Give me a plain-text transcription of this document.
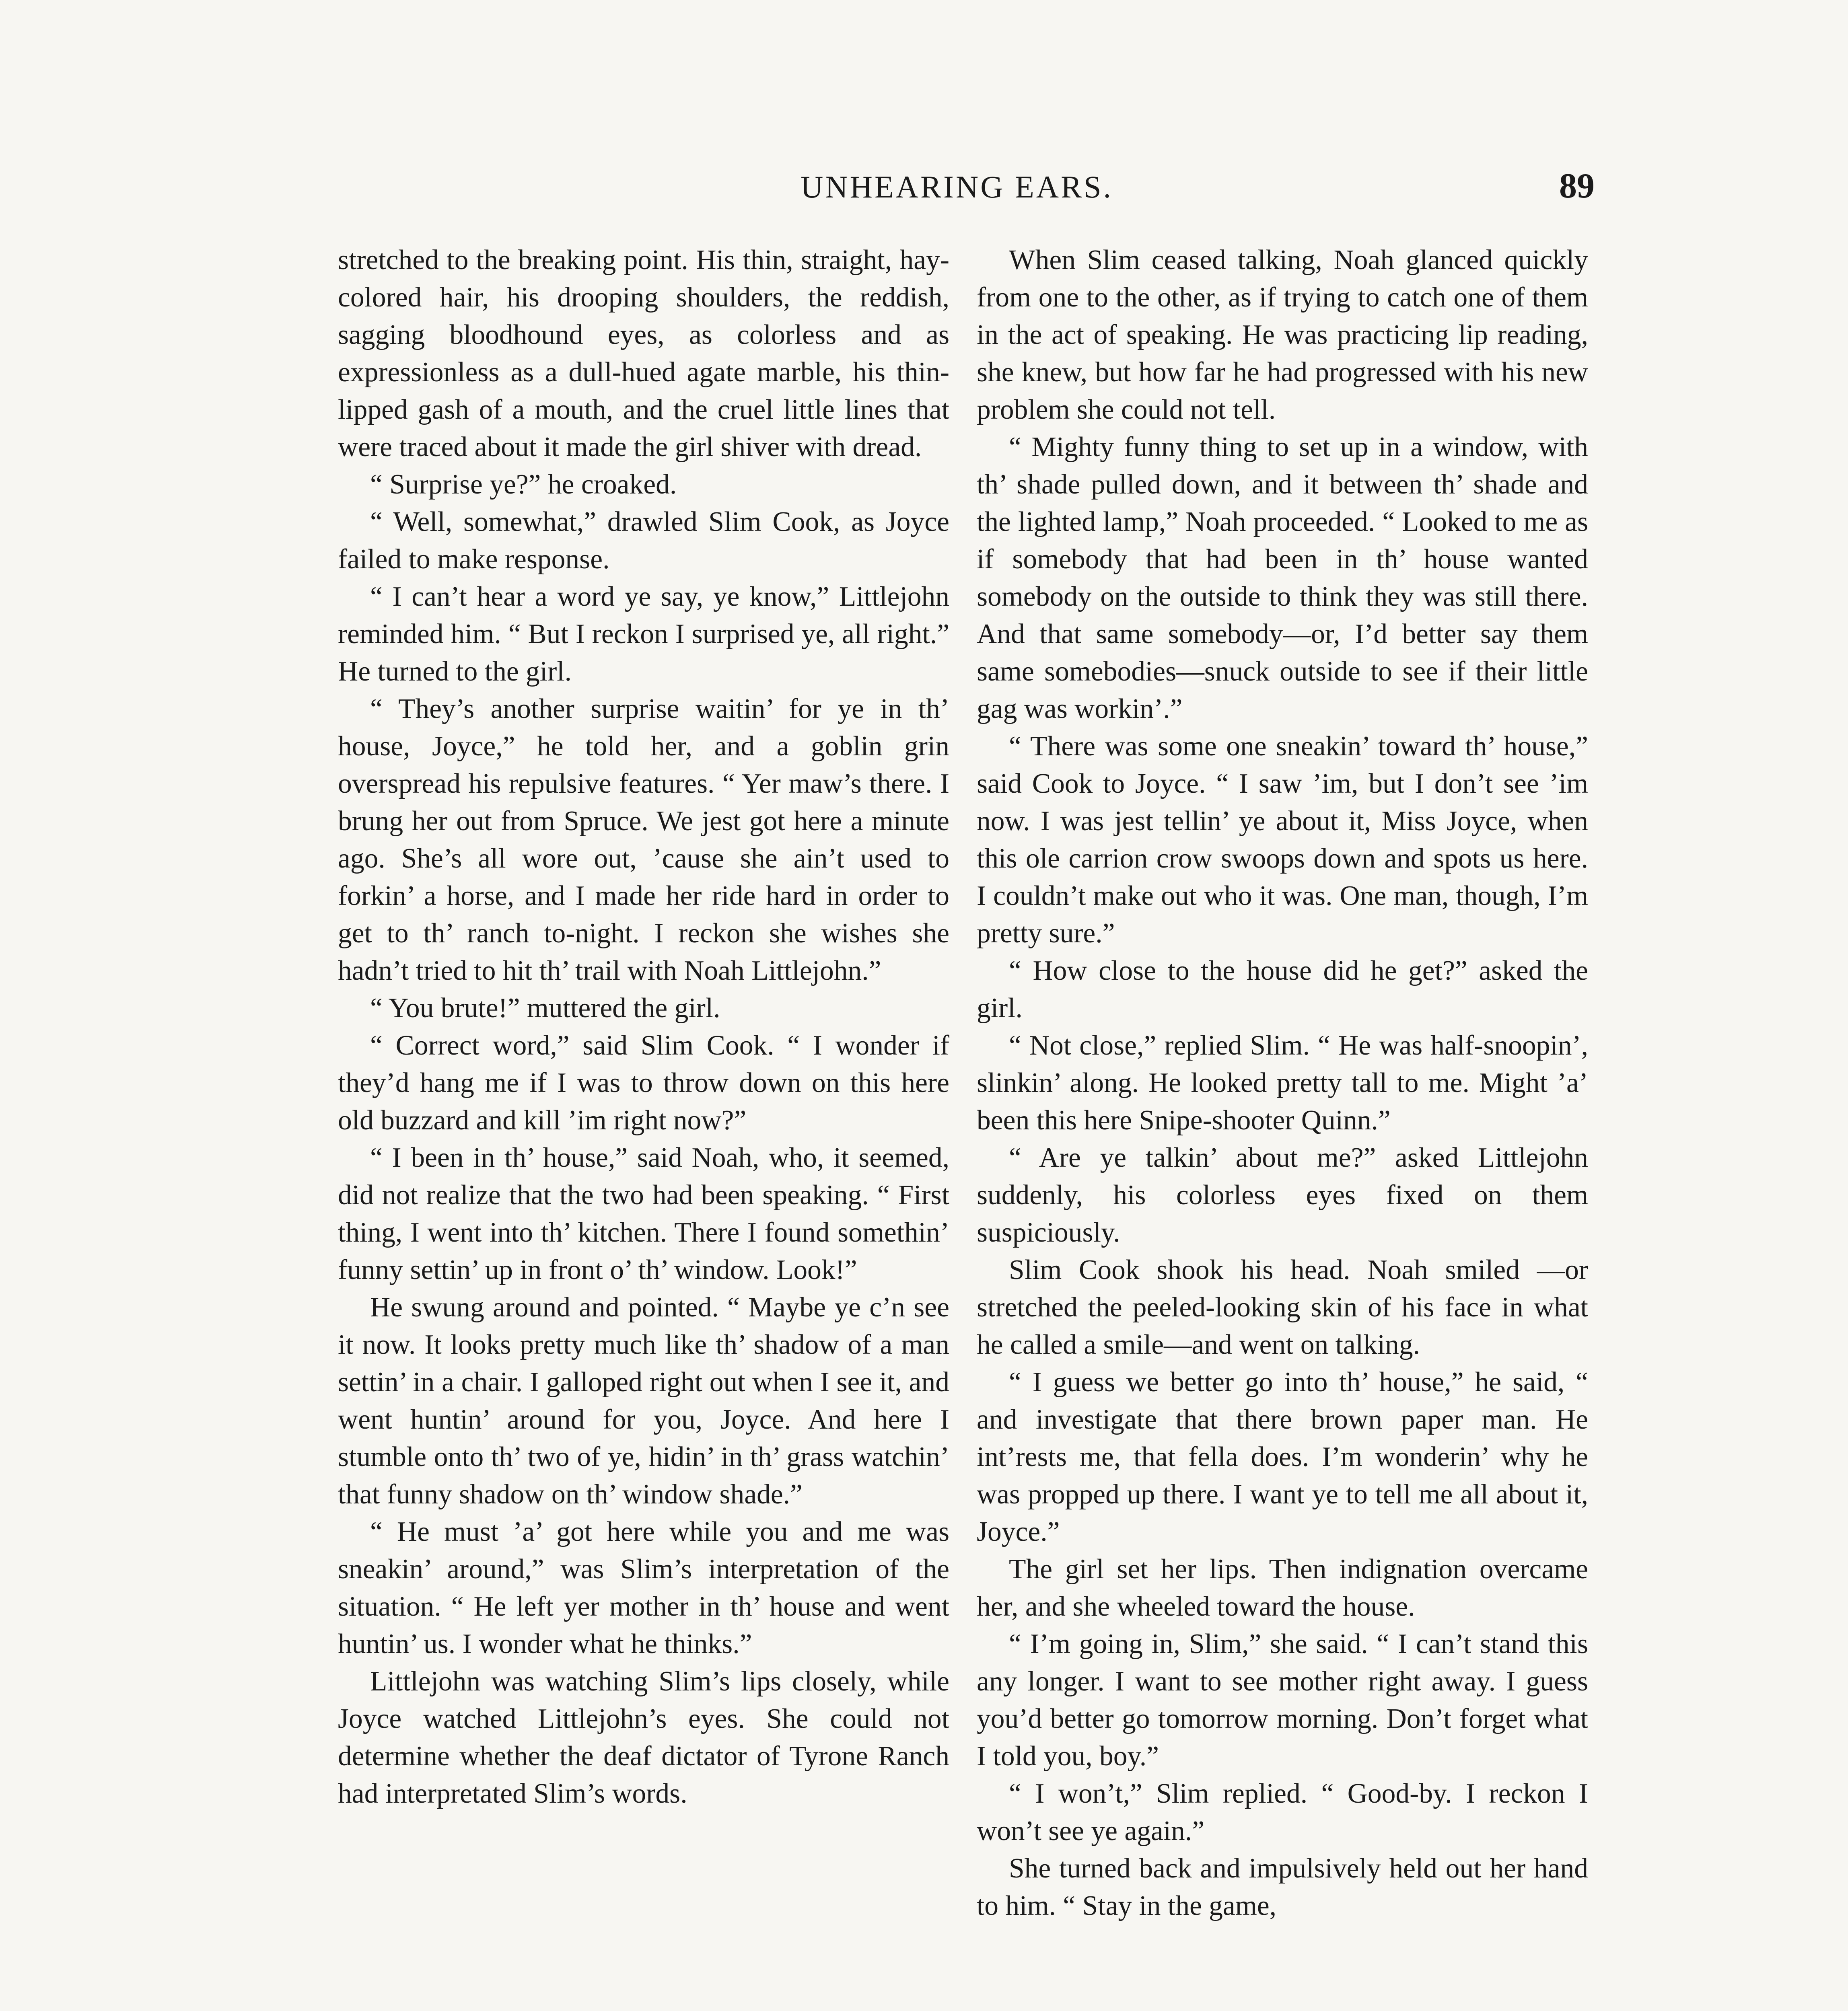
UNHEARING EARS.	89

stretched to the breaking point. His thin, straight, hay-colored hair, his drooping shoulders, the reddish, sagging bloodhound eyes, as colorless and as expressionless as a dull-hued agate marble, his thin-lipped gash of a mouth, and the cruel little lines that were traced about it made the girl shiver with dread.

“ Surprise ye?” he croaked.

“ Well, somewhat,” drawled Slim Cook, as Joyce failed to make response.

“ I can’t hear a word ye say, ye know,” Littlejohn reminded him. “ But I reckon I surprised ye, all right.” He turned to the girl.

“ They’s another surprise waitin’ for ye in th’ house, Joyce,” he told her, and a goblin grin overspread his repulsive features. “ Yer maw’s there. I brung her out from Spruce. We jest got here a minute ago. She’s all wore out, ’cause she ain’t used to forkin’ a horse, and I made her ride hard in order to get to th’ ranch to-night. I reckon she wishes she hadn’t tried to hit th’ trail with Noah Littlejohn.”

“ You brute!” muttered the girl.

“ Correct word,” said Slim Cook. “ I wonder if they’d hang me if I was to throw down on this here old buzzard and kill ’im right now?”

“ I been in th’ house,” said Noah, who, it seemed, did not realize that the two had been speaking. “ First thing, I went into th’ kitchen. There I found somethin’ funny settin’ up in front o’ th’ window. Look!”

He swung around and pointed. “ Maybe ye c’n see it now. It looks pretty much like th’ shadow of a man settin’ in a chair. I galloped right out when I see it, and went huntin’ around for you, Joyce. And here I stumble onto th’ two of ye, hidin’ in th’ grass watchin’ that funny shadow on th’ window shade.”

“ He must ’a’ got here while you and me was sneakin’ around,” was Slim’s interpretation of the situation. “ He left yer mother in th’ house and went huntin’ us. I wonder what he thinks.”

Littlejohn was watching Slim’s lips closely, while Joyce watched Littlejohn’s eyes. She could not determine whether the deaf dictator of Tyrone Ranch had interpretated Slim’s words.

When Slim ceased talking, Noah glanced quickly from one to the other, as if trying to catch one of them in the act of speaking. He was practicing lip reading, she knew, but how far he had progressed with his new problem she could not tell.

“ Mighty funny thing to set up in a window, with th’ shade pulled down, and it between th’ shade and the lighted lamp,” Noah proceeded. “ Looked to me as if somebody that had been in th’ house wanted somebody on the outside to think they was still there. And that same somebody—or, I’d better say them same somebodies—snuck outside to see if their little gag was workin’.”

“ There was some one sneakin’ toward th’ house,” said Cook to Joyce. “ I saw ’im, but I don’t see ’im now. I was jest tellin’ ye about it, Miss Joyce, when this ole carrion crow swoops down and spots us here. I couldn’t make out who it was. One man, though, I’m pretty sure.”

“ How close to the house did he get?” asked the girl.

“ Not close,” replied Slim. “ He was half-snoopin’, slinkin’ along. He looked pretty tall to me. Might ’a’ been this here Snipe-shooter Quinn.”

“ Are ye talkin’ about me?” asked Littlejohn suddenly, his colorless eyes fixed on them suspiciously.

Slim Cook shook his head. Noah smiled —or stretched the peeled-looking skin of his face in what he called a smile—and went on talking.

“ I guess we better go into th’ house,” he said, “ and investigate that there brown paper man. He int’rests me, that fella does. I’m wonderin’ why he was propped up there. I want ye to tell me all about it, Joyce.”

The girl set her lips. Then indignation overcame her, and she wheeled toward the house.

“ I’m going in, Slim,” she said. “ I can’t stand this any longer. I want to see mother right away. I guess you’d better go tomorrow morning. Don’t forget what I told you, boy.”

“ I won’t,” Slim replied. “ Good-by. I reckon I won’t see ye again.”

She turned back and impulsively held out her hand to him. “ Stay in the game,
